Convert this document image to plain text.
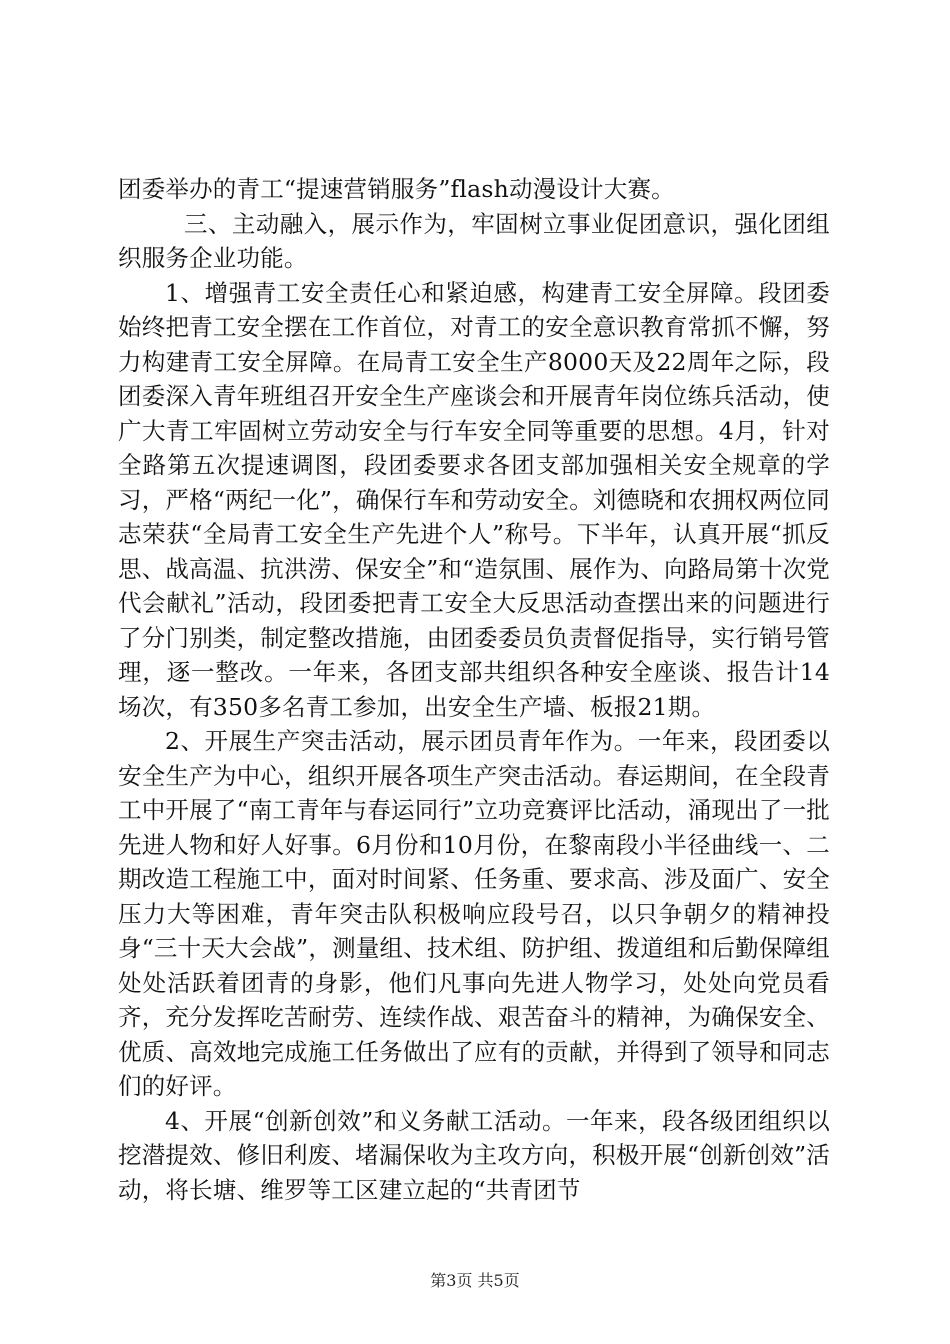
团委举办的青工“提速营销服务”flash动漫设计大赛。

三、主动融入，展示作为，牢固树立事业促团意识，强化团组织服务企业功能。

1、增强青工安全责任心和紧迫感，构建青工安全屏障。段团委始终把青工安全摆在工作首位，对青工的安全意识教育常抓不懈，努力构建青工安全屏障。在局青工安全生产8000天及22周年之际，段团委深入青年班组召开安全生产座谈会和开展青年岗位练兵活动，使广大青工牢固树立劳动安全与行车安全同等重要的思想。4月，针对全路第五次提速调图，段团委要求各团支部加强相关安全规章的学习，严格“两纪一化”，确保行车和劳动安全。刘德晓和农拥权两位同志荣获“全局青工安全生产先进个人”称号。下半年，认真开展“抓反思、战高温、抗洪涝、保安全”和“造氛围、展作为、向路局第十次党代会献礼”活动，段团委把青工安全大反思活动查摆出来的问题进行了分门别类，制定整改措施，由团委委员负责督促指导，实行销号管理，逐一整改。一年来，各团支部共组织各种安全座谈、报告计14场次，有350多名青工参加，出安全生产墙、板报21期。

2、开展生产突击活动，展示团员青年作为。一年来，段团委以安全生产为中心，组织开展各项生产突击活动。春运期间，在全段青工中开展了“南工青年与春运同行”立功竞赛评比活动，涌现出了一批先进人物和好人好事。6月份和10月份，在黎南段小半径曲线一、二期改造工程施工中，面对时间紧、任务重、要求高、涉及面广、安全压力大等困难，青年突击队积极响应段号召，以只争朝夕的精神投身“三十天大会战”，测量组、技术组、防护组、拨道组和后勤保障组处处活跃着团青的身影，他们凡事向先进人物学习，处处向党员看齐，充分发挥吃苦耐劳、连续作战、艰苦奋斗的精神，为确保安全、优质、高效地完成施工任务做出了应有的贡献，并得到了领导和同志们的好评。

4、开展“创新创效”和义务献工活动。一年来，段各级团组织以挖潜提效、修旧利废、堵漏保收为主攻方向，积极开展“创新创效”活动，将长塘、维罗等工区建立起的“共青团节

第3页 共5页
